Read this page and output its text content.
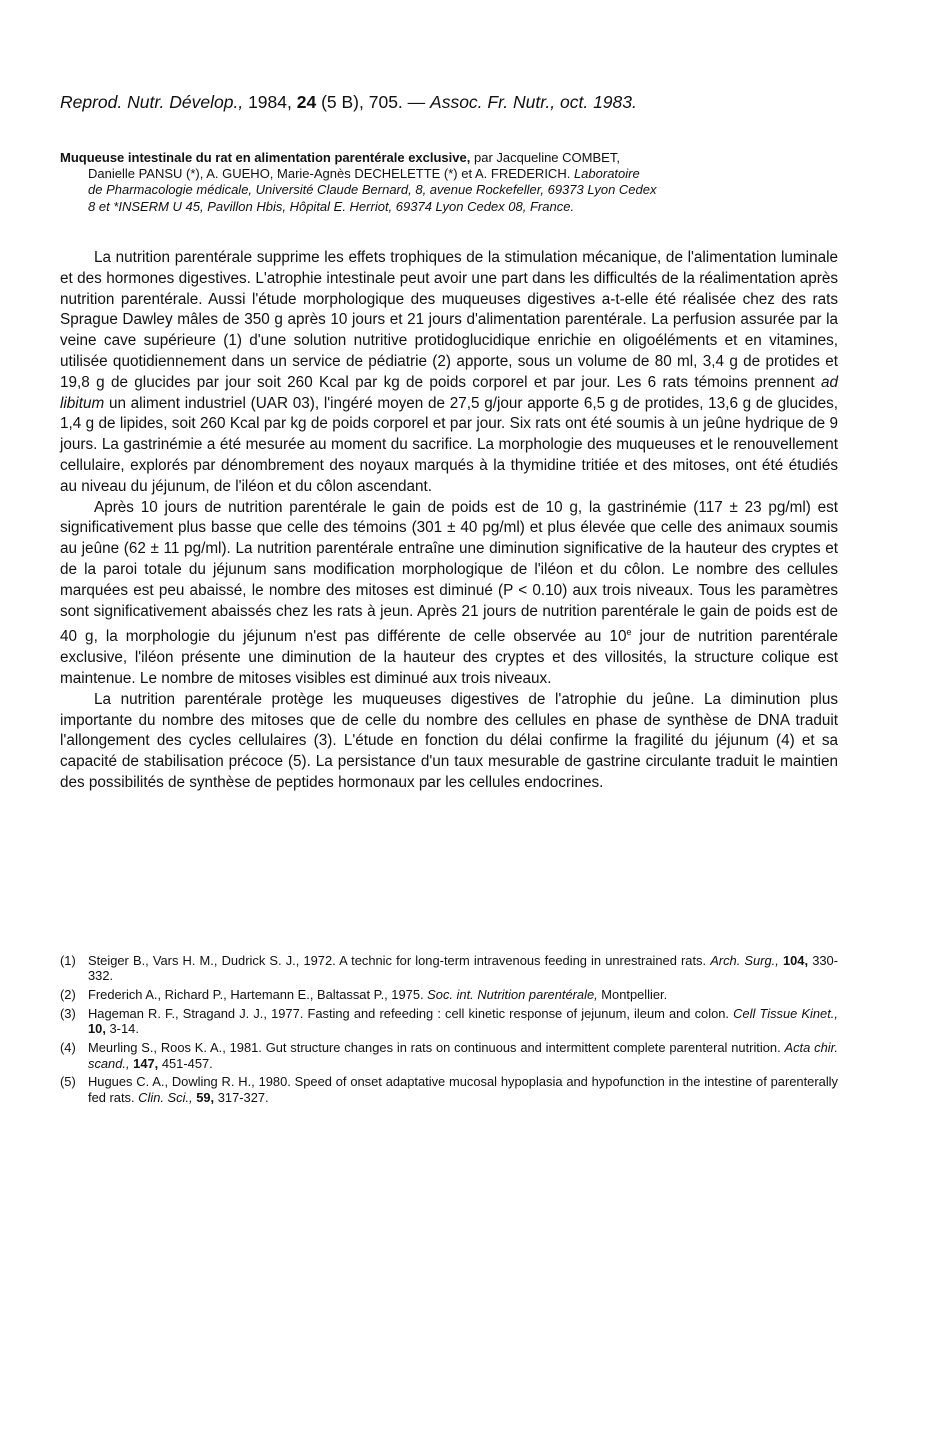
Reprod. Nutr. Dévelop., 1984, 24 (5 B), 705. — Assoc. Fr. Nutr., oct. 1983.
Muqueuse intestinale du rat en alimentation parentérale exclusive, par Jacqueline COMBET,
Danielle PANSU (*), A. GUEHO, Marie-Agnès DECHELETTE (*) et A. FREDERICH. Laboratoire
de Pharmacologie médicale, Université Claude Bernard, 8, avenue Rockefeller, 69373 Lyon Cedex
8 et *INSERM U 45, Pavillon Hbis, Hôpital E. Herriot, 69374 Lyon Cedex 08, France.

La nutrition parentérale supprime les effets trophiques de la stimulation mécanique, de l'alimentation luminale et des hormones digestives. L'atrophie intestinale peut avoir une part dans les difficultés de la réalimentation après nutrition parentérale. Aussi l'étude morphologique des muqueuses digestives a-t-elle été réalisée chez des rats Sprague Dawley mâles de 350 g après 10 jours et 21 jours d'alimentation parentérale. La perfusion assurée par la veine cave supérieure (1) d'une solution nutritive protidoglucidique enrichie en oligoéléments et en vitamines, utilisée quotidiennement dans un service de pédiatrie (2) apporte, sous un volume de 80 ml, 3,4 g de protides et 19,8 g de glucides par jour soit 260 Kcal par kg de poids corporel et par jour. Les 6 rats témoins prennent ad libitum un aliment industriel (UAR 03), l'ingéré moyen de 27,5 g/jour apporte 6,5 g de protides, 13,6 g de glucides, 1,4 g de lipides, soit 260 Kcal par kg de poids corporel et par jour. Six rats ont été soumis à un jeûne hydrique de 9 jours. La gastrinémie a été mesurée au moment du sacrifice. La morphologie des muqueuses et le renouvellement cellulaire, explorés par dénombrement des noyaux marqués à la thymidine tritiée et des mitoses, ont été étudiés au niveau du jéjunum, de l'iléon et du côlon ascendant.

Après 10 jours de nutrition parentérale le gain de poids est de 10 g, la gastrinémie (117 ± 23 pg/ml) est significativement plus basse que celle des témoins (301 ± 40 pg/ml) et plus élevée que celle des animaux soumis au jeûne (62 ± 11 pg/ml). La nutrition parentérale entraîne une diminution significative de la hauteur des cryptes et de la paroi totale du jéjunum sans modification morphologique de l'iléon et du côlon. Le nombre des cellules marquées est peu abaissé, le nombre des mitoses est diminué (P < 0.10) aux trois niveaux. Tous les paramètres sont significativement abaissés chez les rats à jeun. Après 21 jours de nutrition parentérale le gain de poids est de 40 g, la morphologie du jéjunum n'est pas différente de celle observée au 10e jour de nutrition parentérale exclusive, l'iléon présente une diminution de la hauteur des cryptes et des villosités, la structure colique est maintenue. Le nombre de mitoses visibles est diminué aux trois niveaux.

La nutrition parentérale protège les muqueuses digestives de l'atrophie du jeûne. La diminution plus importante du nombre des mitoses que de celle du nombre des cellules en phase de synthèse de DNA traduit l'allongement des cycles cellulaires (3). L'étude en fonction du délai confirme la fragilité du jéjunum (4) et sa capacité de stabilisation précoce (5). La persistance d'un taux mesurable de gastrine circulante traduit le maintien des possibilités de synthèse de peptides hormonaux par les cellules endocrines.

(1) Steiger B., Vars H. M., Dudrick S. J., 1972. A technic for long-term intravenous feeding in unrestrained rats. Arch. Surg., 104, 330-332.
(2) Frederich A., Richard P., Hartemann E., Baltassat P., 1975. Soc. int. Nutrition parentérale, Montpellier.
(3) Hageman R. F., Stragand J. J., 1977. Fasting and refeeding : cell kinetic response of jejunum, ileum and colon. Cell Tissue Kinet., 10, 3-14.
(4) Meurling S., Roos K. A., 1981. Gut structure changes in rats on continuous and intermittent complete parenteral nutrition. Acta chir. scand., 147, 451-457.
(5) Hugues C. A., Dowling R. H., 1980. Speed of onset adaptative mucosal hypoplasia and hypofunction in the intestine of parenterally fed rats. Clin. Sci., 59, 317-327.
